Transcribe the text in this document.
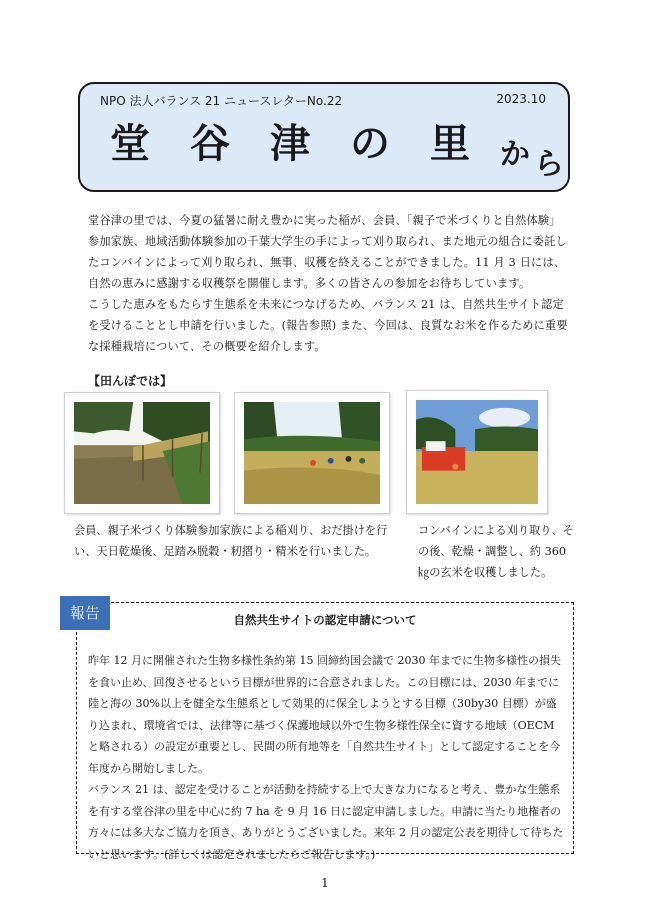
NPO 法人バランス 21 ニュースレターNo.22	2023.10
堂 谷 津 の 里 か ら

堂谷津の里では、今夏の猛暑に耐え豊かに実った稲が、会員、「親子で米づくりと自然体験」参加家族、地域活動体験参加の千葉大学生の手によって刈り取られ、また地元の組合に委託したコンバインによって刈り取られ、無事、収穫を終えることができました。11 月 3 日には、自然の恵みに感謝する収穫祭を開催します。多くの皆さんの参加をお待ちしています。

こうした恵みをもたらす生態系を未来につなげるため、バランス 21 は、自然共生サイト認定を受けることとし申請を行いました。(報告参照) また、今回は、良質なお米を作るために重要な採種栽培について、その概要を紹介します。

【田んぼでは】
会員、親子米づくり体験参加家族による稲刈り、おだ掛けを行い、天日乾燥後、足踏み脱穀・籾摺り・精米を行いました。
コンバインによる刈り取り、その後、乾燥・調整し、約 360 ㎏の玄米を収穫しました。
報告	自然共生サイトの認定申請について

昨年 12 月に開催された生物多様性条約第 15 回締約国会議で 2030 年までに生物多様性の損失を食い止め、回復させるという目標が世界的に合意されました。この目標には、2030 年までに陸と海の 30%以上を健全な生態系として効果的に保全しようとする目標（30by30 目標）が盛り込まれ、環境省では、法律等に基づく保護地域以外で生物多様性保全に資する地域（OECM と略される）の設定が重要とし、民間の所有地等を「自然共生サイト」として認定することを今年度から開始しました。

バランス 21 は、認定を受けることが活動を持続する上で大きな力になると考え、豊かな生態系を有する堂谷津の里を中心に約 7 ha を 9 月 16 日に認定申請しました。申請に当たり地権者の方々には多大なご協力を頂き、ありがとうございました。来年 2 月の認定公表を期待して待ちたいと思います。(詳しくは認定されましたらご報告します。)

1
